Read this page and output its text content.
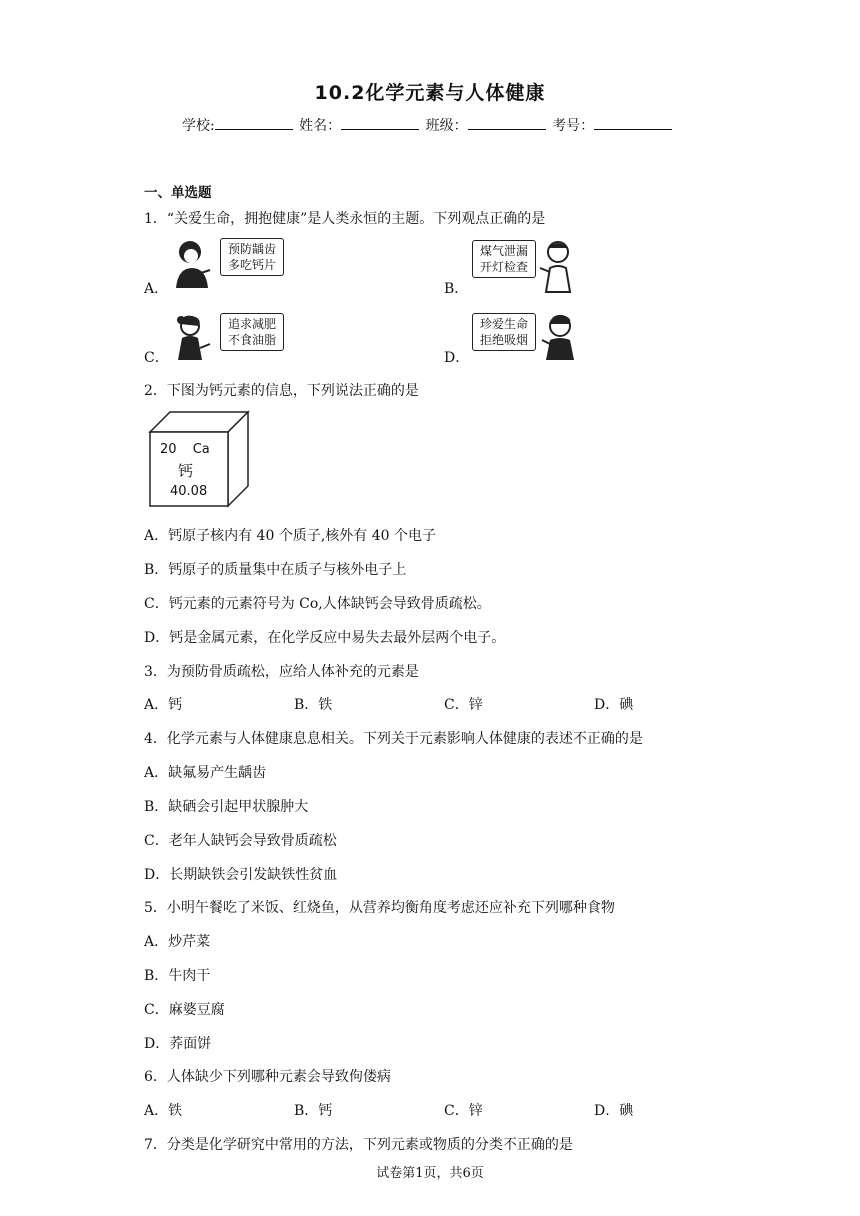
10.2化学元素与人体健康
学校:	姓名：	班级：	考号：
一、单选题
1．“关爱生命，拥抱健康”是人类永恒的主题。下列观点正确的是
A．
预防龋齿
多吃钙片
B．
煤气泄漏
开灯检查
C．
追求减肥
不食油脂
D．
珍爱生命
拒绝吸烟
2．下图为钙元素的信息，下列说法正确的是
20 Ca
钙
40.08
A．钙原子核内有 40 个质子,核外有 40 个电子
B．钙原子的质量集中在质子与核外电子上
C．钙元素的元素符号为 Co,人体缺钙会导致骨质疏松。
D．钙是金属元素，在化学反应中易失去最外层两个电子。
3．为预防骨质疏松，应给人体补充的元素是
A．钙	B．铁	C．锌	D．碘
4．化学元素与人体健康息息相关。下列关于元素影响人体健康的表述不正确的是
A．缺氟易产生龋齿
B．缺硒会引起甲状腺肿大
C．老年人缺钙会导致骨质疏松
D．长期缺铁会引发缺铁性贫血
5．小明午餐吃了米饭、红烧鱼，从营养均衡角度考虑还应补充下列哪种食物
A．炒芹菜
B．牛肉干
C．麻婆豆腐
D．荞面饼
6．人体缺少下列哪种元素会导致佝偻病
A．铁	B．钙	C．锌	D．碘
7．分类是化学研究中常用的方法，下列元素或物质的分类不正确的是
试卷第1页，共6页
